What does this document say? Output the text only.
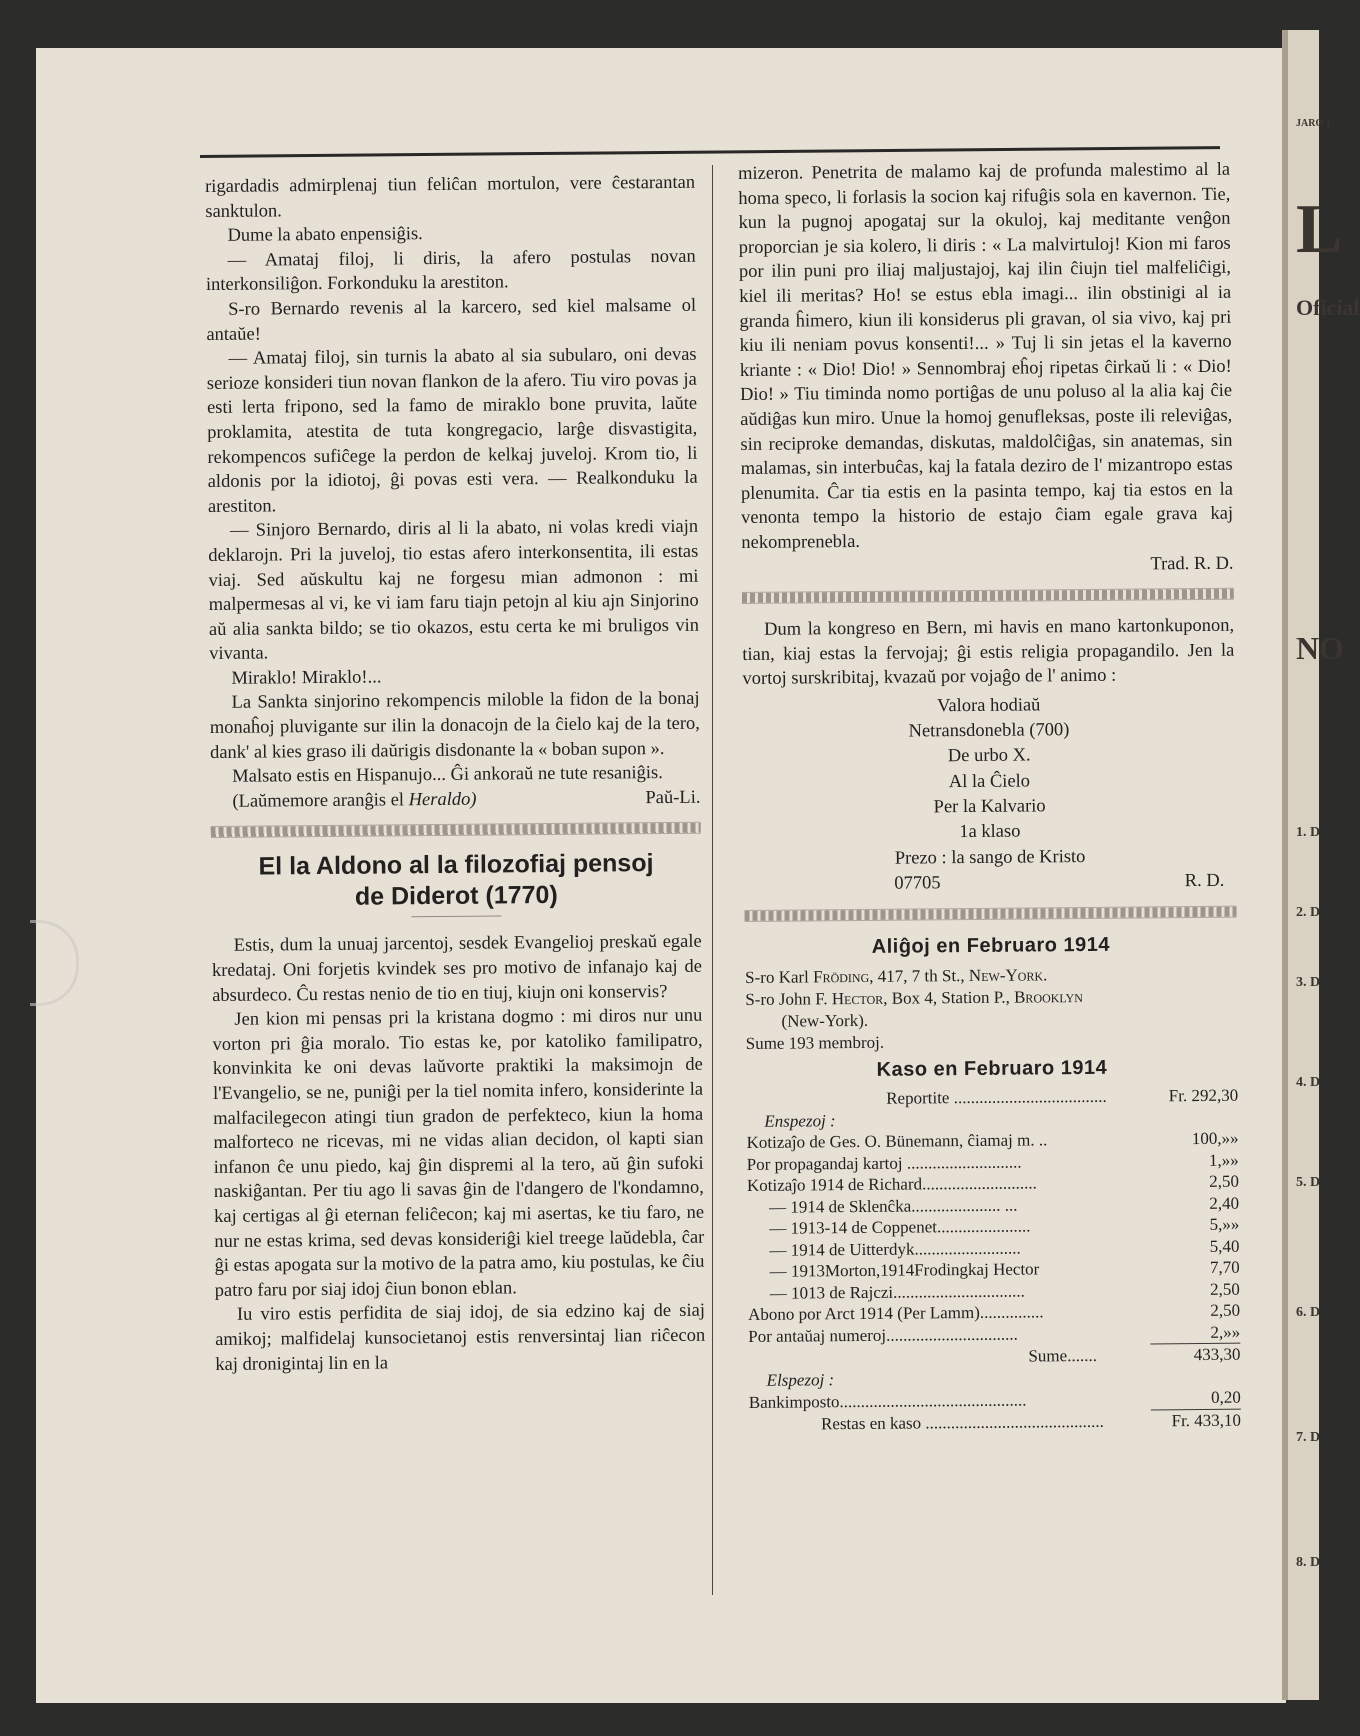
JARO 1
L
Oficial
NO
1. D
2. D
3. D
4. D
5. D
6. D
7. D
8. D

rigardadis admirplenaj tiun feliĉan mortulon, vere ĉestarantan sanktulon.

Dume la abato enpensiĝis.

— Amataj filoj, li diris, la afero postulas novan interkonsiliĝon. Forkonduku la arestiton.

S-ro Bernardo revenis al la karcero, sed kiel malsame ol antaŭe!

— Amataj filoj, sin turnis la abato al sia subularo, oni devas serioze konsideri tiun novan flankon de la afero. Tiu viro povas ja esti lerta fripono, sed la famo de miraklo bone pruvita, laŭte proklamita, atestita de tuta kongregacio, larĝe disvastigita, rekompencos sufiĉege la perdon de kelkaj juveloj. Krom tio, li aldonis por la idiotoj, ĝi povas esti vera. — Realkonduku la arestiton.

— Sinjoro Bernardo, diris al li la abato, ni volas kredi viajn deklarojn. Pri la juveloj, tio estas afero interkonsentita, ili estas viaj. Sed aŭskultu kaj ne forgesu mian admonon : mi malpermesas al vi, ke vi iam faru tiajn petojn al kiu ajn Sinjorino aŭ alia sankta bildo; se tio okazos, estu certa ke mi bruligos vin vivanta.

Miraklo! Miraklo!...

La Sankta sinjorino rekompencis miloble la fidon de la bonaj monaĥoj pluvigante sur ilin la donacojn de la ĉielo kaj de la tero, dank' al kies graso ili daŭrigis disdonante la « boban supon ».

Malsato estis en Hispanujo... Ĝi ankoraŭ ne tute resaniĝis.

(Laŭmemore aranĝis el Heraldo)	Paŭ-Li.
El la Aldono al la filozofiaj pensoj
de Diderot (1770)

Estis, dum la unuaj jarcentoj, sesdek Evangelioj preskaŭ egale kredataj. Oni forjetis kvindek ses pro motivo de infanajo kaj de absurdeco. Ĉu restas nenio de tio en tiuj, kiujn oni konservis?

Jen kion mi pensas pri la kristana dogmo : mi diros nur unu vorton pri ĝia moralo. Tio estas ke, por katoliko familipatro, konvinkita ke oni devas laŭvorte praktiki la maksimojn de l'Evangelio, se ne, puniĝi per la tiel nomita infero, konsiderinte la malfacilegecon atingi tiun gradon de perfekteco, kiun la homa malforteco ne ricevas, mi ne vidas alian decidon, ol kapti sian infanon ĉe unu piedo, kaj ĝin dispremi al la tero, aŭ ĝin sufoki naskiĝantan. Per tiu ago li savas ĝin de l'dangero de l'kondamno, kaj certigas al ĝi eternan feliĉecon; kaj mi asertas, ke tiu faro, ne nur ne estas krima, sed devas konsideriĝi kiel treege laŭdebla, ĉar ĝi estas apogata sur la motivo de la patra amo, kiu postulas, ke ĉiu patro faru por siaj idoj ĉiun bonon eblan.

Iu viro estis perfidita de siaj idoj, de sia edzino kaj de siaj amikoj; malfidelaj kunsocietanoj estis renversintaj lian riĉecon kaj dronigintaj lin en la

mizeron. Penetrita de malamo kaj de profunda malestimo al la homa speco, li forlasis la socion kaj rifuĝis sola en kavernon. Tie, kun la pugnoj apogataj sur la okuloj, kaj meditante venĝon proporcian je sia kolero, li diris : « La malvirtuloj! Kion mi faros por ilin puni pro iliaj maljustajoj, kaj ilin ĉiujn tiel malfeliĉigi, kiel ili meritas? Ho! se estus ebla imagi... ilin obstinigi al ia granda ĥimero, kiun ili konsiderus pli gravan, ol sia vivo, kaj pri kiu ili neniam povus konsenti!... » Tuj li sin jetas el la kaverno kriante : « Dio! Dio! » Sennombraj eĥoj ripetas ĉirkaŭ li : « Dio! Dio! » Tiu timinda nomo portiĝas de unu poluso al la alia kaj ĉie aŭdiĝas kun miro. Unue la homoj genufleksas, poste ili releviĝas, sin reciproke demandas, diskutas, maldolĉiĝas, sin anatemas, sin malamas, sin interbuĉas, kaj la fatala deziro de l' mizantropo estas plenumita. Ĉar tia estis en la pasinta tempo, kaj tia estos en la venonta tempo la historio de estajo ĉiam egale grava kaj nekomprenebla.

Trad. R. D.

Dum la kongreso en Bern, mi havis en mano kartonkuponon, tian, kiaj estas la fervojaj; ĝi estis religia propagandilo. Jen la vortoj surskribitaj, kvazaŭ por vojaĝo de l' animo :

Valora hodiaŭ
Netransdonebla (700)
De urbo X.
Al la Ĉielo
Per la Kalvario
1a klaso
Prezo : la sango de Kristo
07705	R. D.
Aliĝoj en Februaro 1914
S-ro Karl Fröding, 417, 7 th St., New-York.
S-ro John F. Hector, Box 4, Station P., Brooklyn
(New-York).
Sume 193 membroj.
Kaso en Februaro 1914
Reportite ....................................	Fr. 292,30
Enspezoj :	
Kotizaĵo de Ges. O. Bünemann, ĉiamaj m. ..	100,»»
Por propagandaj kartoj ...........................	1,»»
Kotizaĵo 1914 de Richard...........................	2,50
— 1914 de Sklenĉka..................... ...	2,40
— 1913-14 de Coppenet......................	5,»»
— 1914 de Uitterdyk.........................	5,40
— 1913Morton,1914Frodingkaj Hector	7,70
— 1013 de Rajczi...............................	2,50
Abono por Arct 1914 (Per Lamm)...............	2,50
Por antaŭaj numeroj...............................	2,»»
Sume.......	433,30
Elspezoj :	
Bankimposto............................................	0,20
Restas en kaso ..........................................	Fr. 433,10
